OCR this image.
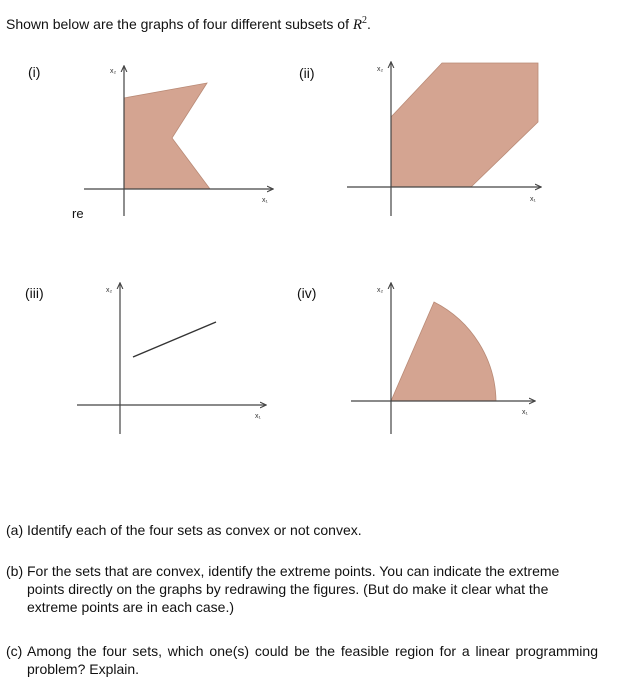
Shown below are the graphs of four different subsets of $R^2$.
(i)	(ii)
(iii)	(iv)
re
x₁
x₂
x₁
x₂
x₁
x₂
x₁
x₂
(a) Identify each of the four sets as convex or not convex.
(b) For the sets that are convex, identify the extreme points. You can indicate the extreme points directly on the graphs by redrawing the figures. (But do make it clear what the extreme points are in each case.)
(c) Among the four sets, which one(s) could be the feasible region for a linear programming problem? Explain.
